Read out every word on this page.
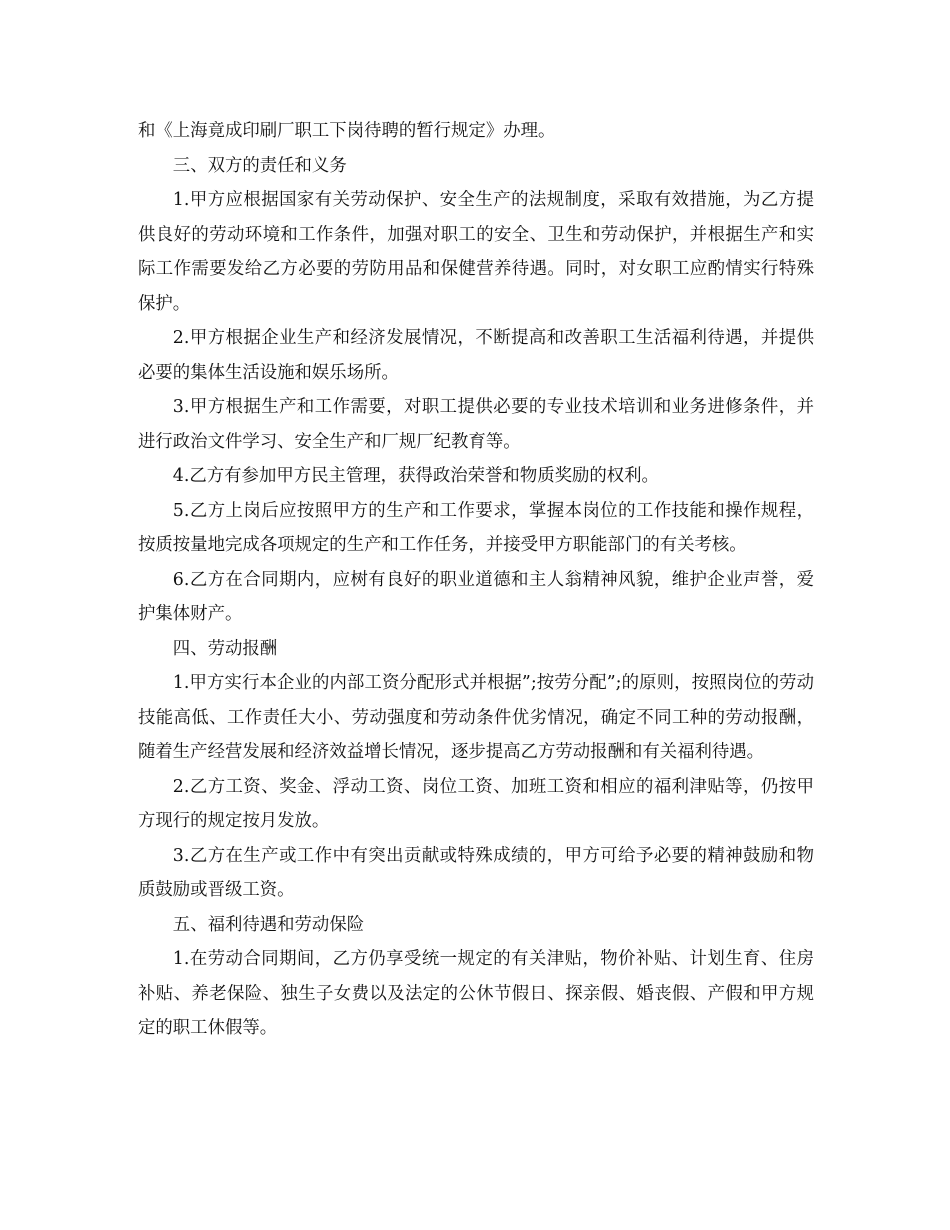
和《上海竟成印刷厂职工下岗待聘的暂行规定》办理。

三、双方的责任和义务

1.甲方应根据国家有关劳动保护、安全生产的法规制度，采取有效措施，为乙方提供良好的劳动环境和工作条件，加强对职工的安全、卫生和劳动保护，并根据生产和实际工作需要发给乙方必要的劳防用品和保健营养待遇。同时，对女职工应酌情实行特殊保护。

2.甲方根据企业生产和经济发展情况，不断提高和改善职工生活福利待遇，并提供必要的集体生活设施和娱乐场所。

3.甲方根据生产和工作需要，对职工提供必要的专业技术培训和业务进修条件，并进行政治文件学习、安全生产和厂规厂纪教育等。

4.乙方有参加甲方民主管理，获得政治荣誉和物质奖励的权利。

5.乙方上岗后应按照甲方的生产和工作要求，掌握本岗位的工作技能和操作规程，按质按量地完成各项规定的生产和工作任务，并接受甲方职能部门的有关考核。

6.乙方在合同期内，应树有良好的职业道德和主人翁精神风貌，维护企业声誉，爱护集体财产。

四、劳动报酬

1.甲方实行本企业的内部工资分配形式并根据”;按劳分配”;的原则，按照岗位的劳动技能高低、工作责任大小、劳动强度和劳动条件优劣情况，确定不同工种的劳动报酬，随着生产经营发展和经济效益增长情况，逐步提高乙方劳动报酬和有关福利待遇。

2.乙方工资、奖金、浮动工资、岗位工资、加班工资和相应的福利津贴等，仍按甲方现行的规定按月发放。

3.乙方在生产或工作中有突出贡献或特殊成绩的，甲方可给予必要的精神鼓励和物质鼓励或晋级工资。

五、福利待遇和劳动保险

1.在劳动合同期间，乙方仍享受统一规定的有关津贴，物价补贴、计划生育、住房补贴、养老保险、独生子女费以及法定的公休节假日、探亲假、婚丧假、产假和甲方规定的职工休假等。
